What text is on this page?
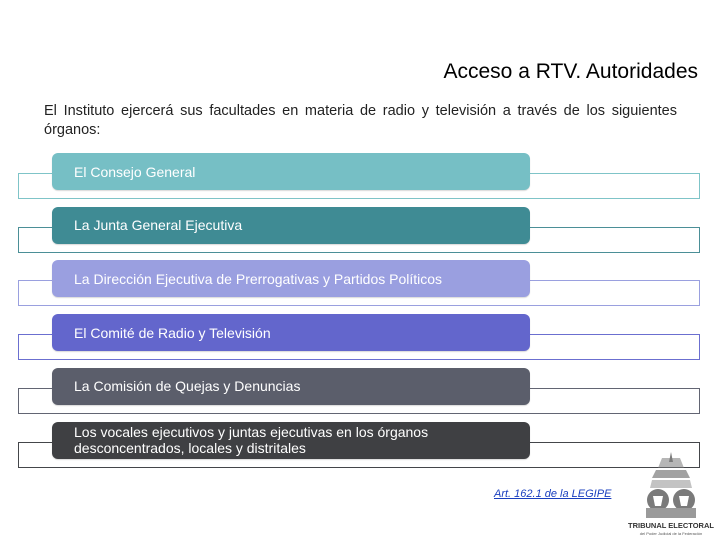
Acceso a RTV. Autoridades
El Instituto ejercerá sus facultades en materia de radio y televisión a través de los siguientes órganos:
El Consejo General
La Junta General Ejecutiva
La Dirección Ejecutiva de Prerrogativas y Partidos Políticos
El Comité de Radio y Televisión
La Comisión de Quejas y Denuncias
Los vocales ejecutivos y juntas ejecutivas en los órganos desconcentrados, locales y distritales
Art. 162.1 de la LEGIPE
TRIBUNAL ELECTORAL
del Poder Judicial de la Federación
